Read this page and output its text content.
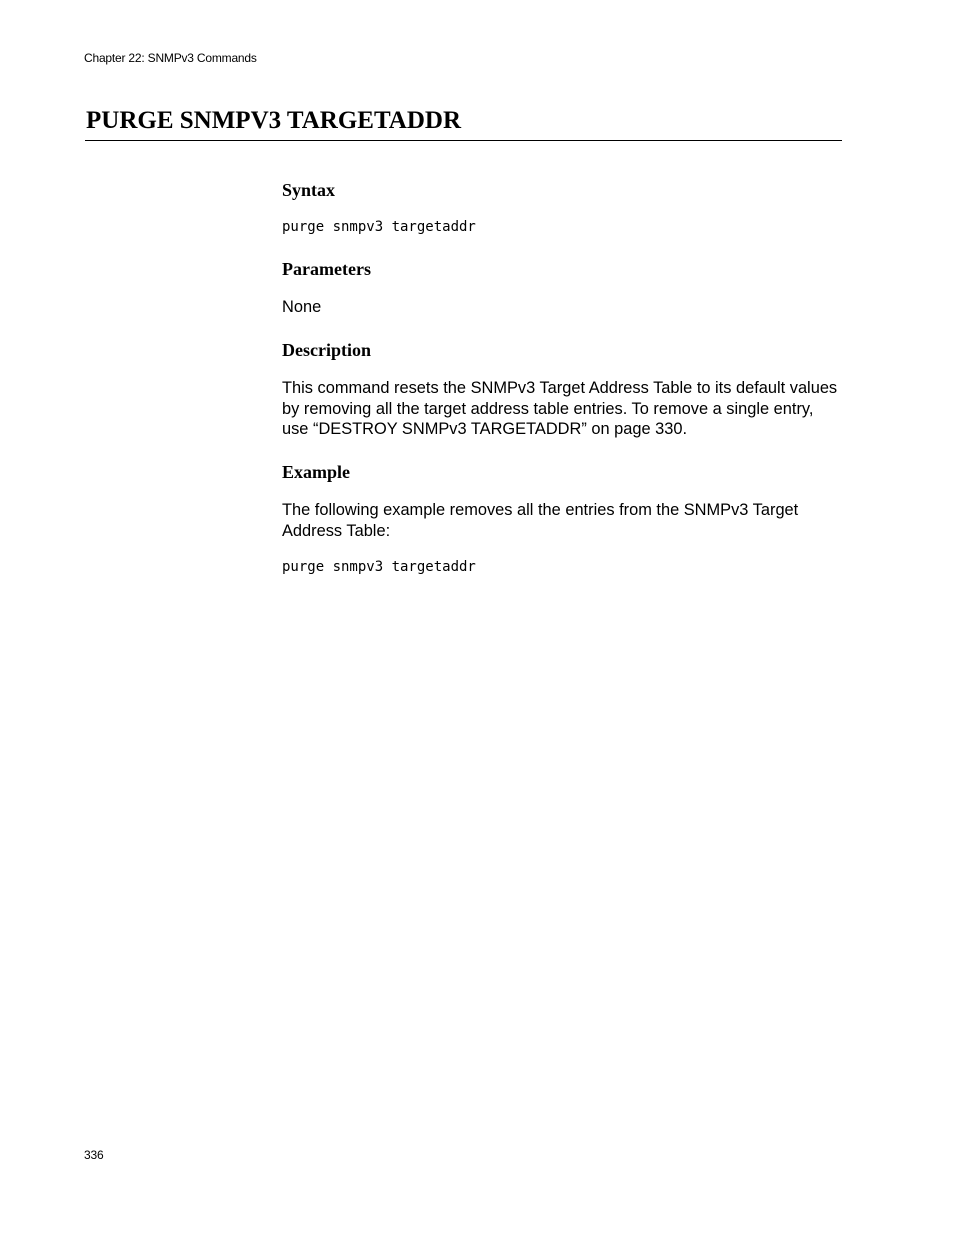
Chapter 22: SNMPv3 Commands
PURGE SNMPV3 TARGETADDR
Syntax
purge snmpv3 targetaddr
Parameters

None

Description

This command resets the SNMPv3 Target Address Table to its default values by removing all the target address table entries. To remove a single entry, use “DESTROY SNMPv3 TARGETADDR” on page 330.

Example

The following example removes all the entries from the SNMPv3 Target Address Table:

purge snmpv3 targetaddr
336
